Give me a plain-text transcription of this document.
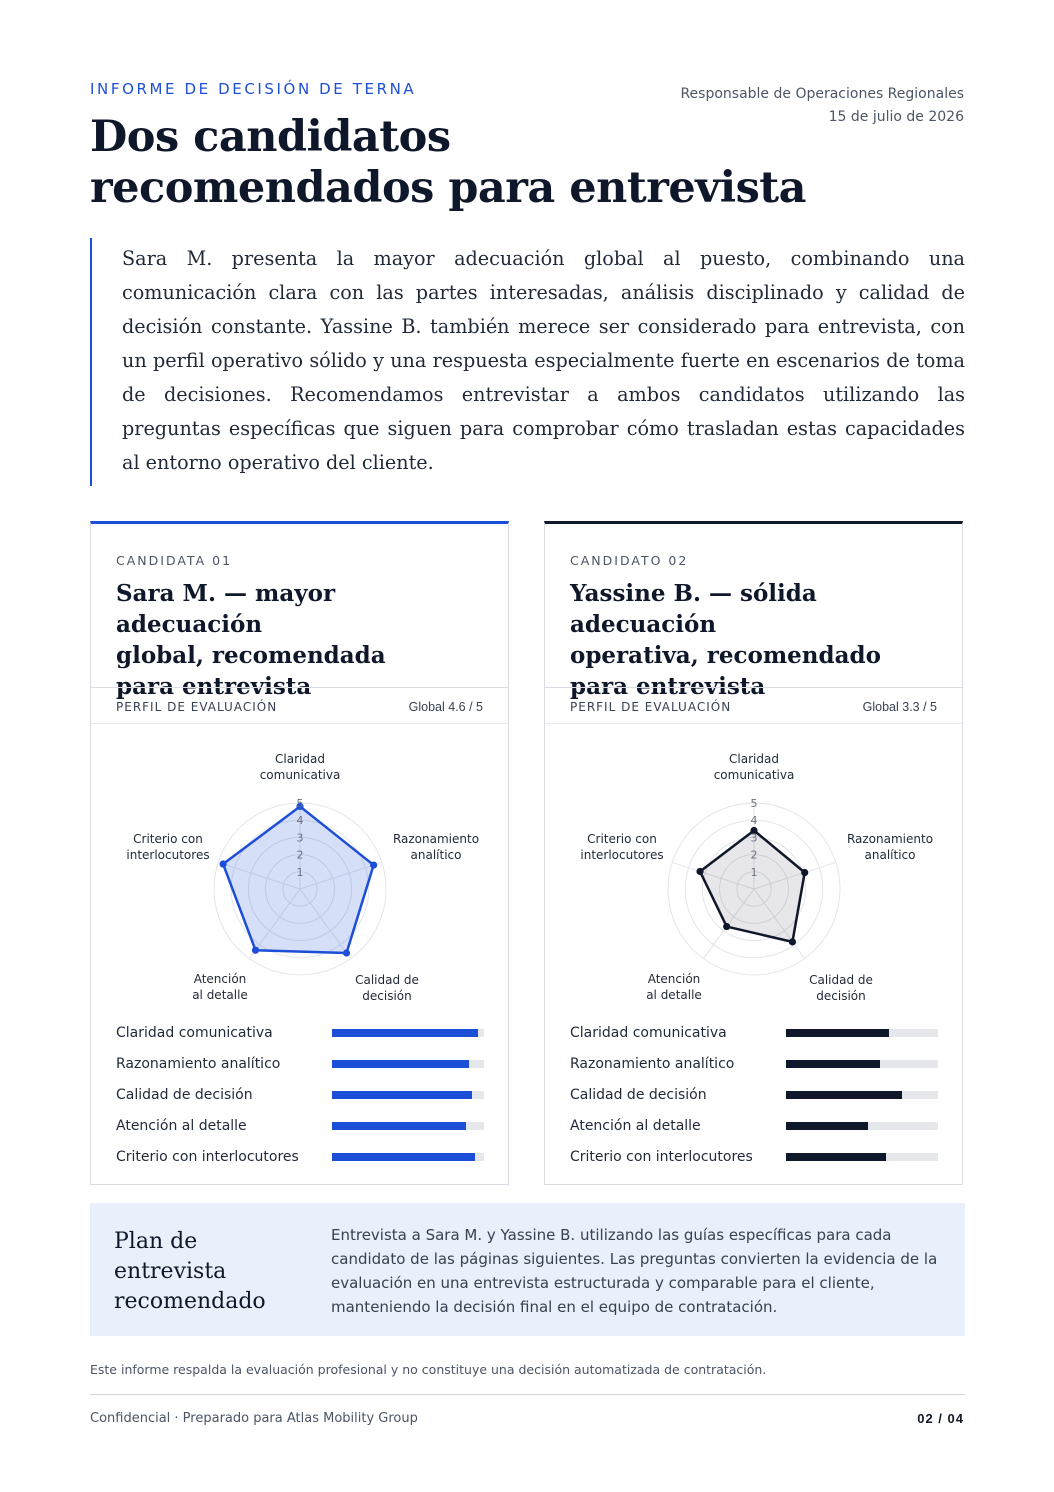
INFORME DE DECISIÓN DE TERNA	Responsable de Operaciones Regionales
15 de julio de 2026
Dos candidatos
recomendados para entrevista

Sara M. presenta la mayor adecuación global al puesto, combinando una comunicación clara con las partes interesadas, análisis disciplinado y calidad de decisión constante. Yassine B. también merece ser considerado para entrevista, con un perfil operativo sólido y una respuesta especialmente fuerte en escenarios de toma de decisiones. Recomendamos entrevistar a ambos candidatos utilizando las preguntas específicas que siguen para comprobar cómo trasladan estas capacidades al entorno operativo del cliente.

CANDIDATA 01
Sara M. — mayor adecuación
global, recomendada
para entrevista
PERFIL DE EVALUACIÓN	Global 4.6 / 5
1
2
3
4
5
Claridad comunicativa
Razonamiento analítico
Calidad de decisión
Atención al detalle
Criterio con interlocutores
Claridad comunicativa
Razonamiento analítico
Calidad de decisión
Atención al detalle
Criterio con interlocutores
CANDIDATO 02
Yassine B. — sólida adecuación
operativa, recomendado
para entrevista
PERFIL DE EVALUACIÓN	Global 3.3 / 5
1
2
3
4
5
Claridad comunicativa
Razonamiento analítico
Calidad de decisión
Atención al detalle
Criterio con interlocutores
Claridad comunicativa
Razonamiento analítico
Calidad de decisión
Atención al detalle
Criterio con interlocutores
Plan de entrevista
recomendado
Entrevista a Sara M. y Yassine B. utilizando las guías específicas para cada candidato de las páginas siguientes. Las preguntas convierten la evidencia de la evaluación en una entrevista estructurada y comparable para el cliente, manteniendo la decisión final en el equipo de contratación.
Este informe respalda la evaluación profesional y no constituye una decisión automatizada de contratación.
Confidencial · Preparado para Atlas Mobility Group	02 / 04
